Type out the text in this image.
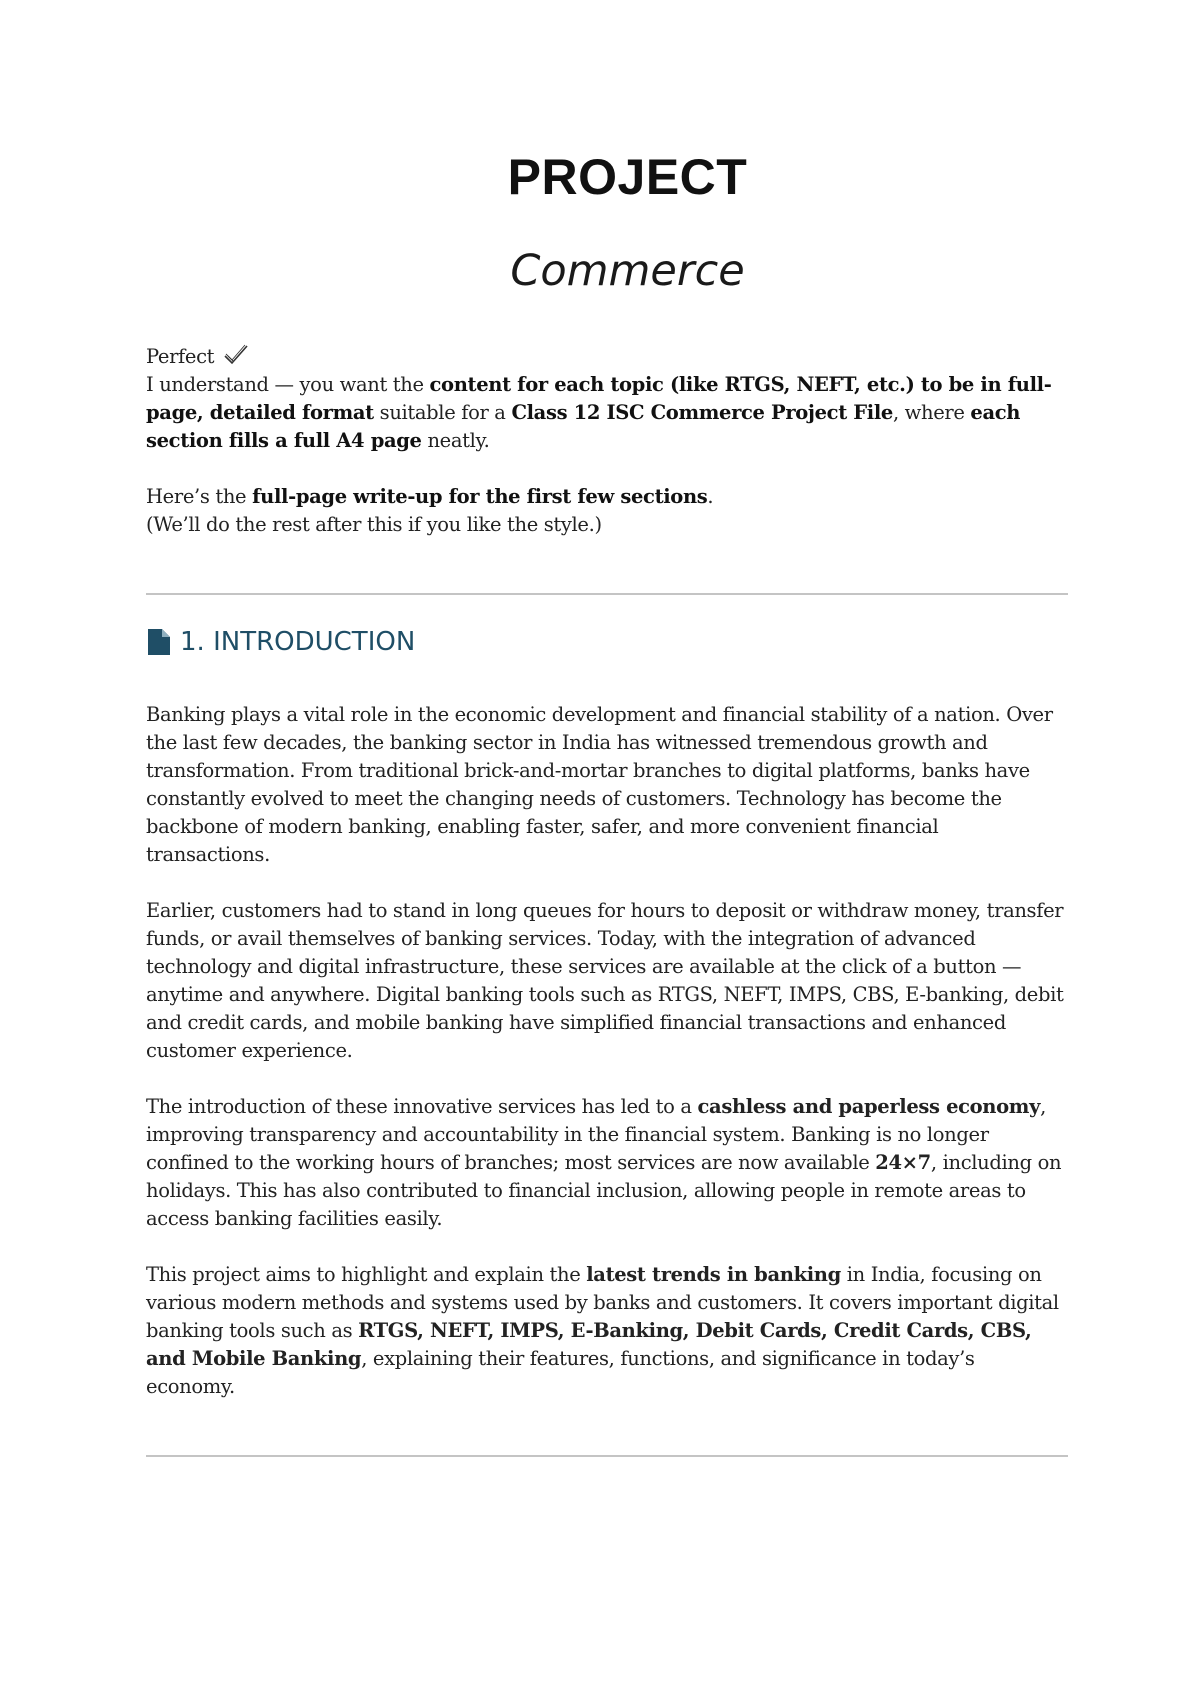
PROJECT
Commerce

Perfect

I understand — you want the content for each topic (like RTGS, NEFT, etc.) to be in full-page, detailed format suitable for a Class 12 ISC Commerce Project File, where each section fills a full A4 page neatly.

Here’s the full-page write-up for the first few sections.

(We’ll do the rest after this if you like the style.)

1. INTRODUCTION

Banking plays a vital role in the economic development and financial stability of a nation. Over the last few decades, the banking sector in India has witnessed tremendous growth and transformation. From traditional brick-and-mortar branches to digital platforms, banks have constantly evolved to meet the changing needs of customers. Technology has become the backbone of modern banking, enabling faster, safer, and more convenient financial transactions.

Earlier, customers had to stand in long queues for hours to deposit or withdraw money, transfer funds, or avail themselves of banking services. Today, with the integration of advanced technology and digital infrastructure, these services are available at the click of a button — anytime and anywhere. Digital banking tools such as RTGS, NEFT, IMPS, CBS, E-banking, debit and credit cards, and mobile banking have simplified financial transactions and enhanced customer experience.

The introduction of these innovative services has led to a cashless and paperless economy, improving transparency and accountability in the financial system. Banking is no longer confined to the working hours of branches; most services are now available 24×7, including on holidays. This has also contributed to financial inclusion, allowing people in remote areas to access banking facilities easily.

This project aims to highlight and explain the latest trends in banking in India, focusing on various modern methods and systems used by banks and customers. It covers important digital banking tools such as RTGS, NEFT, IMPS, E-Banking, Debit Cards, Credit Cards, CBS, and Mobile Banking, explaining their features, functions, and significance in today’s economy.
